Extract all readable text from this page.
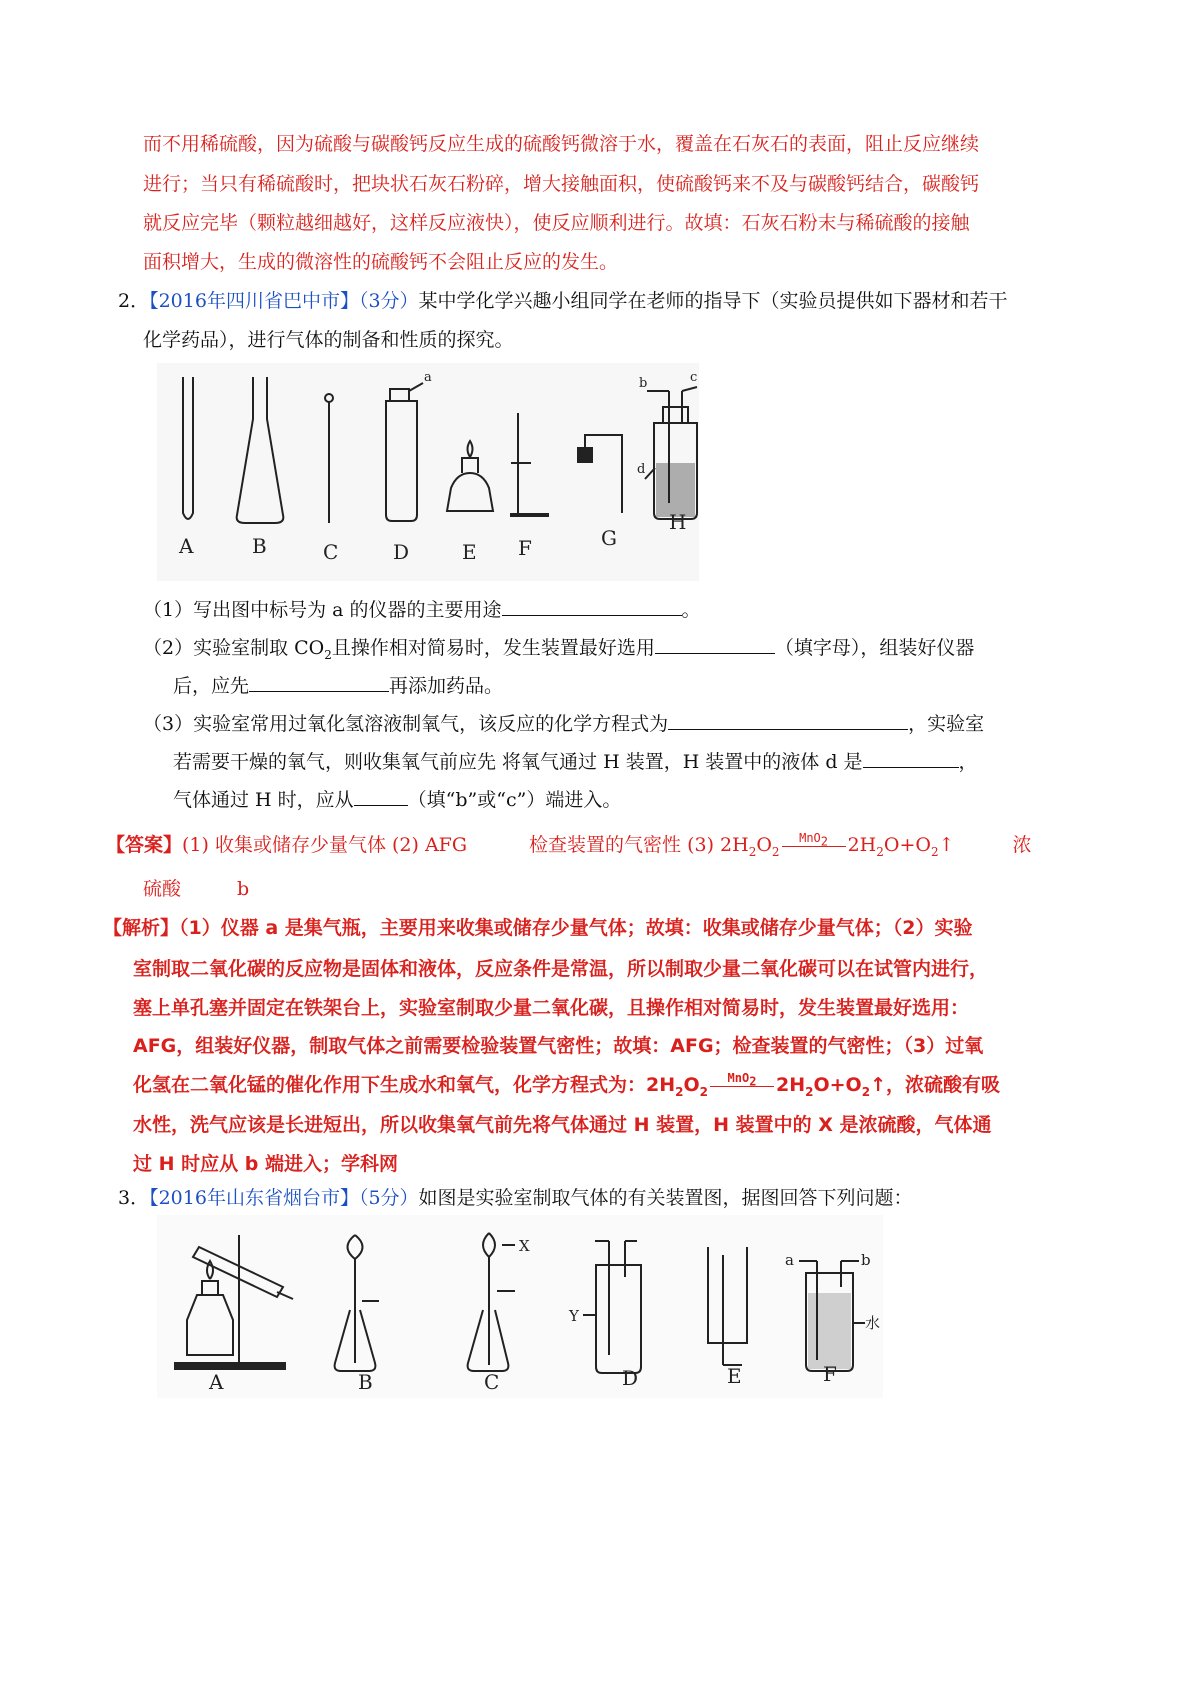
而不用稀硫酸，因为硫酸与碳酸钙反应生成的硫酸钙微溶于水，覆盖在石灰石的表面，阻止反应继续
进行；当只有稀硫酸时，把块状石灰石粉碎，增大接触面积，使硫酸钙来不及与碳酸钙结合，碳酸钙
就反应完毕（颗粒越细越好，这样反应液快），使反应顺利进行。故填：石灰石粉末与稀硫酸的接触
面积增大，生成的微溶性的硫酸钙不会阻止反应的发生。
2．【2016年四川省巴中市】（3分）某中学化学兴趣小组同学在老师的指导下（实验员提供如下器材和若干
化学药品），进行气体的制备和性质的探究。
A	B	C	D	E F	G
H
a	b	c
d
（1）写出图中标号为 a 的仪器的主要用途	。
（2）实验室制取 $CO_2$且操作相对简易时，发生装置最好选用	（填字母），组装好仪器
后，应先	再添加药品。
（3）实验室常用过氧化氢溶液制氧气，该反应的化学方程式为	，实验室
若需要干燥的氧气，则收集氧气前应先 将氧气通过 H 装置，H 装置中的液体 d 是	，
气体通过 H 时，应从	（填“b”或“c”）端进入。
【答案】(1) 收集或储存少量气体 (2) AFG	检查装置的气密性 (3) $2H_2O_2$
MnO$_2$	$2H_2O+O_2↑$	浓
硫酸	b
【解析】（1）仪器 a 是集气瓶，主要用来收集或储存少量气体；故填：收集或储存少量气体；（2）实验
室制取二氧化碳的反应物是固体和液体，反应条件是常温，所以制取少量二氧化碳可以在试管内进行，
塞上单孔塞并固定在铁架台上，实验室制取少量二氧化碳，且操作相对简易时，发生装置最好选用：
AFG，组装好仪器，制取气体之前需要检验装置气密性；故填：AFG；检查装置的气密性；（3）过氧
化氢在二氧化锰的催化作用下生成水和氧气，化学方程式为：$2H_2O_2$
MnO$_2$	$2H_2O+O_2↑$，浓硫酸有吸
水性，洗气应该是长进短出，所以收集氧气前先将气体通过 H 装置，H 装置中的 X 是浓硫酸，气体通
过 H 时应从 b 端进入；学科网
3．【2016年山东省烟台市】（5分）如图是实验室制取气体的有关装置图，据图回答下列问题：
A	B	C	D	E	F
X
Y
a	b
水
